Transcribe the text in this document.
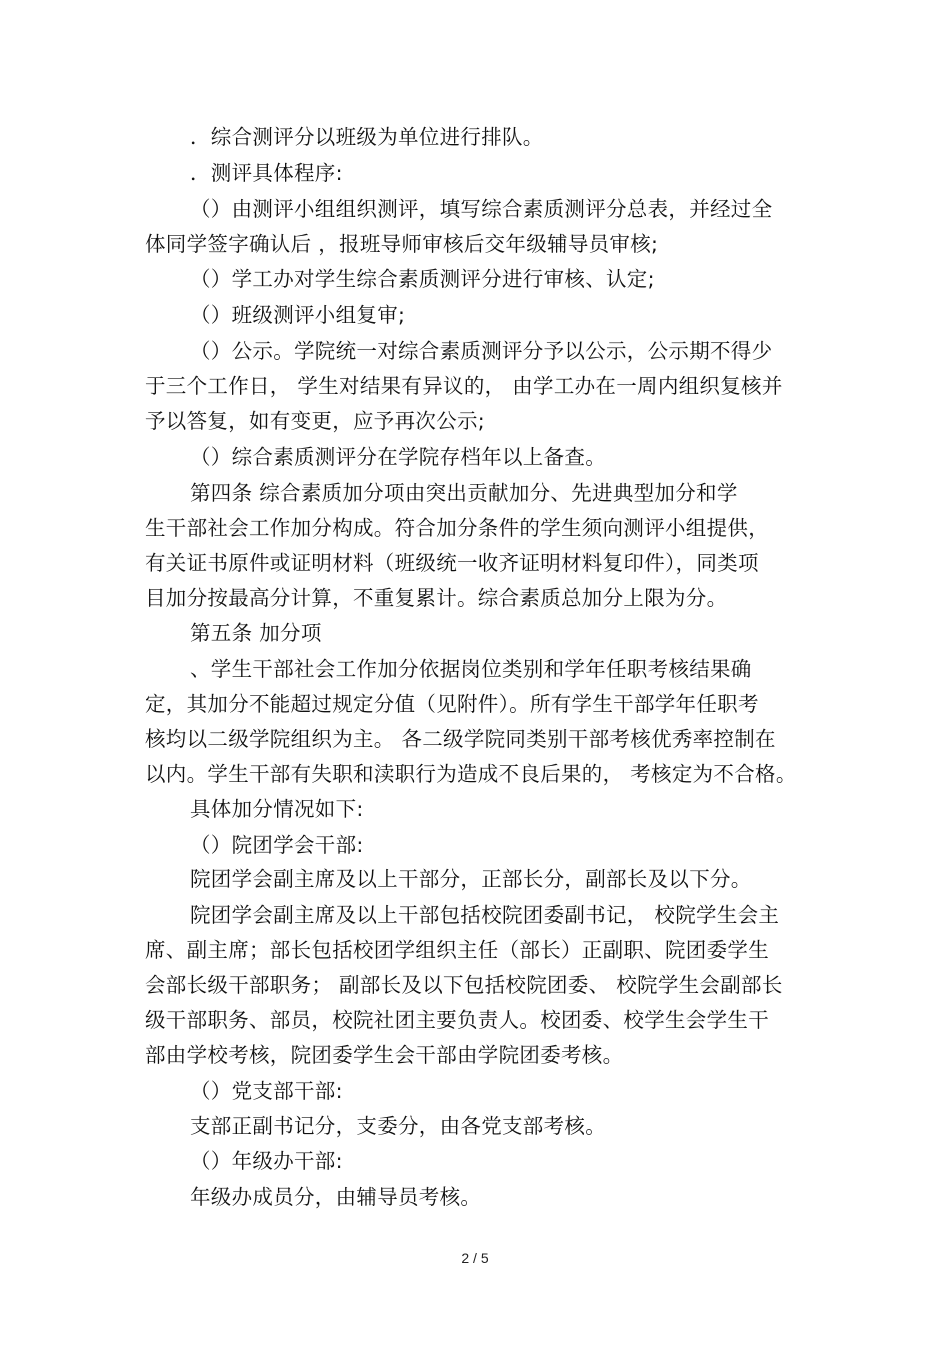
．综合测评分以班级为单位进行排队。
．测评具体程序:
（）由测评小组组织测评，填写综合素质测评分总表，并经过全
体同学签字确认后 ，报班导师审核后交年级辅导员审核;
（）学工办对学生综合素质测评分进行审核、认定;
（）班级测评小组复审;
（）公示。学院统一对综合素质测评分予以公示，公示期不得少
于三个工作日， 学生对结果有异议的， 由学工办在一周内组织复核并
予以答复，如有变更，应予再次公示;
（）综合素质测评分在学院存档年以上备查。
第四条 综合素质加分项由突出贡献加分、先进典型加分和学
生干部社会工作加分构成。符合加分条件的学生须向测评小组提供，
有关证书原件或证明材料（班级统一收齐证明材料复印件），同类项
目加分按最高分计算，不重复累计。综合素质总加分上限为分。
第五条 加分项
、学生干部社会工作加分依据岗位类别和学年任职考核结果确
定，其加分不能超过规定分值（见附件）。所有学生干部学年任职考
核均以二级学院组织为主。 各二级学院同类别干部考核优秀率控制在
以内。学生干部有失职和渎职行为造成不良后果的， 考核定为不合格。
具体加分情况如下:
（）院团学会干部:
院团学会副主席及以上干部分，正部长分，副部长及以下分。
院团学会副主席及以上干部包括校院团委副书记， 校院学生会主
席、副主席；部长包括校团学组织主任（部长）正副职、院团委学生
会部长级干部职务； 副部长及以下包括校院团委、 校院学生会副部长
级干部职务、部员，校院社团主要负责人。校团委、校学生会学生干
部由学校考核，院团委学生会干部由学院团委考核。
（）党支部干部:
支部正副书记分，支委分，由各党支部考核。
（）年级办干部:
年级办成员分，由辅导员考核。
2 / 5
